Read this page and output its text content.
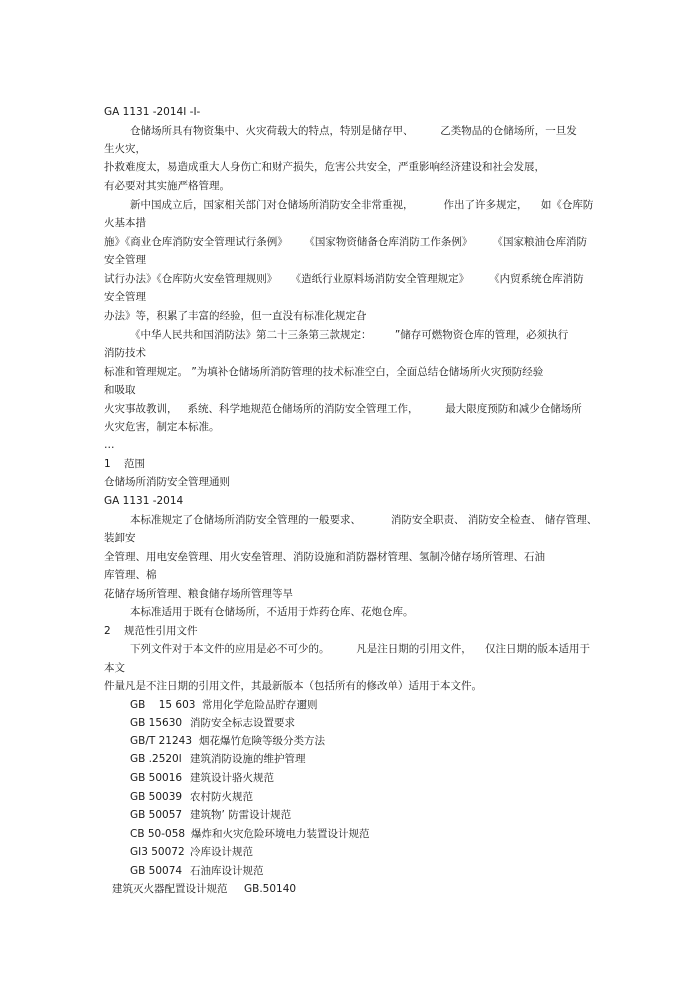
GA 1131 -2014I -I-
仓储场所具有物资集中、火灾荷载大的特点，特别是储存甲、        乙类物品的仓储场所，一旦发
生火灾，
扑救难度太，易造成重大人身伤亡和财产损失，危害公共安全，严重影响经济建设和社会发展，
有必要对其实施严格管理。
新中国成立后，国家相关部门对仓储场所消防安全非常重视，         作出了许多规定，    如《仓库防
火基本措
施》《商业仓库消防安全管理试行条例》     《国家物资储备仓库消防工作条例》      《国家粮油仓库消防
安全管理
试行办法》《仓库防火安垒管理规则》    《造纸行业原料场消防安全管理规定》      《内贸系统仓库消防
安全管理
办法》等，积累了丰富的经验，但一直没有标准化规定旮
《中华人民共和国消防法》第二十三条第三款规定：       ”储存可燃物资仓库的管理，必须执行
消防技术
标准和管理规定。 ”为填补仓储场所消防管理的技术标准空白，全面总结仓储场所火灾预防经验
和吸取
火灾事故教训，   系统、科学地规范仓储场所的消防安全管理工作，        最大限度预防和减少仓储场所
火灾危害，制定本标准。
…
1    范围
仓储场所消防安全管理通则
GA 1131 -2014
本标准规定了仓储场所消防安全管理的一般要求、         消防安全职责、 消防安全检查、 储存管理、
装卸安
全管理、用电安垒管理、用火安垒管理、消防设施和消防器材管理、氢制冷储存场所管理、石油
库管理、棉
花储存场所管理、粮食储存场所管理等旱
本标准适用于既有仓储场所，不适用于炸药仓库、花炮仓库。
2    规范性引用文件
下列文件对于本文件的应用是必不可少的。        凡是注日期的引用文件，    仅注日期的版本适用于
本文
件量凡是不注日期的引用文件，其最新版本（包括所有的修改单）适用于本文件。
GB    15 603 常用化学危险品貯存邇则
GB 15630 消防安全标志设置要求
GB/T 21243 烟花爆竹危険等级分类方法
GB .2520l 建筑消防设施的维护管理
GB 50016 建筑设计骆火规范
GB 50039 农村防火规范
GB 50057 建筑物’ 防雷设计规范
CB 50-058 爆炸和火灾危险环境电力装置设计规范
GI3 50072 冷库设计规范
GB 50074 石油库设计规范
建筑灭火器配置设计规范 GB.50140
